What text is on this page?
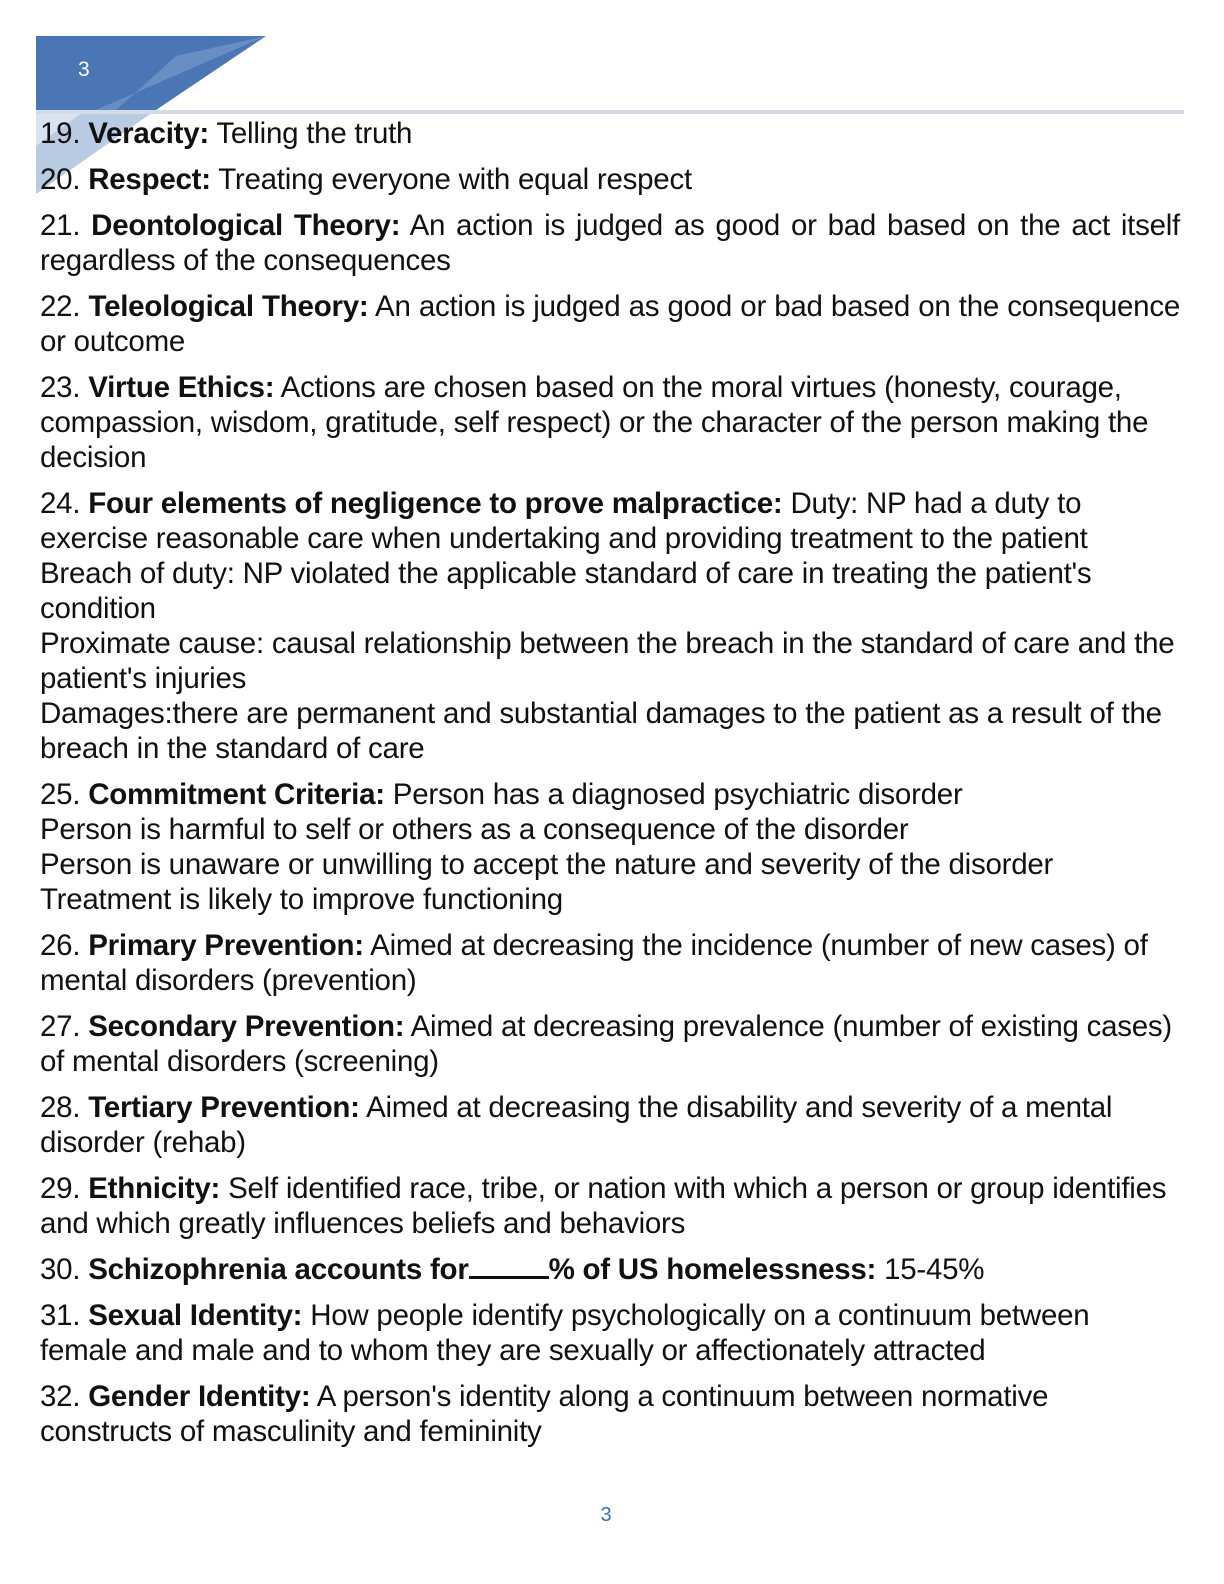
3
19. Veracity: Telling the truth
20. Respect: Treating everyone with equal respect
21. Deontological Theory: An action is judged as good or bad based on the act itself regardless of the consequences
22. Teleological Theory: An action is judged as good or bad based on the consequence or outcome
23. Virtue Ethics: Actions are chosen based on the moral virtues (honesty, courage, compassion, wisdom, gratitude, self respect) or the character of the person making the decision
24. Four elements of negligence to prove malpractice: Duty: NP had a duty to exercise reasonable care when undertaking and providing treatment to the patient
Breach of duty: NP violated the applicable standard of care in treating the patient's condition
Proximate cause: causal relationship between the breach in the standard of care and the patient's injuries
Damages:there are permanent and substantial damages to the patient as a result of the breach in the standard of care
25. Commitment Criteria: Person has a diagnosed psychiatric disorder
Person is harmful to self or others as a consequence of the disorder
Person is unaware or unwilling to accept the nature and severity of the disorder
Treatment is likely to improve functioning
26. Primary Prevention: Aimed at decreasing the incidence (number of new cases) of mental disorders (prevention)
27. Secondary Prevention: Aimed at decreasing prevalence (number of existing cases) of mental disorders (screening)
28. Tertiary Prevention: Aimed at decreasing the disability and severity of a mental disorder (rehab)
29. Ethnicity: Self identified race, tribe, or nation with which a person or group identifies and which greatly influences beliefs and behaviors
30. Schizophrenia accounts for	% of US homelessness: 15-45%
31. Sexual Identity: How people identify psychologically on a continuum between female and male and to whom they are sexually or affectionately attracted
32. Gender Identity: A person's identity along a continuum between normative constructs of masculinity and femininity
3
